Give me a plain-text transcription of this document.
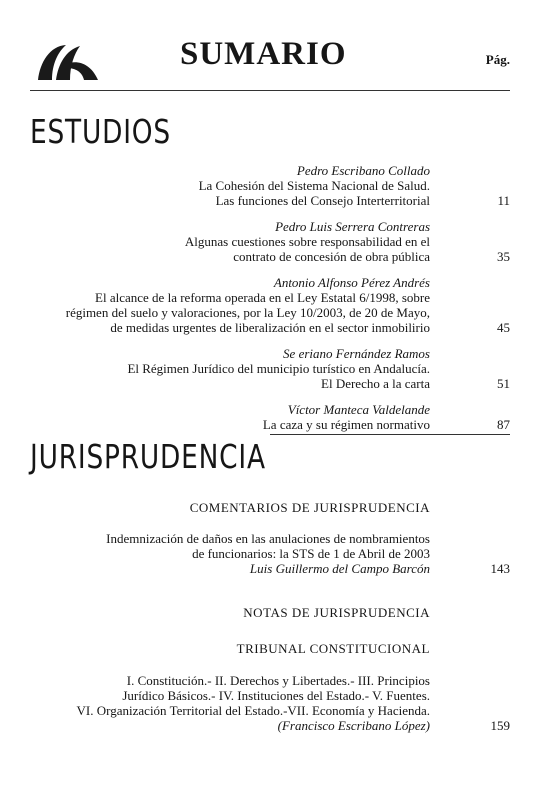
SUMARIO	Pág.
ESTUDIOS
Pedro Escribano Collado
La Cohesión del Sistema Nacional de Salud.
Las funciones del Consejo Interterritorial	11
Pedro Luis Serrera Contreras
Algunas cuestiones sobre responsabilidad en el
contrato de concesión de obra pública	35
Antonio Alfonso Pérez Andrés
El alcance de la reforma operada en el Ley Estatal 6/1998, sobre
régimen del suelo y valoraciones, por la Ley 10/2003, de 20 de Mayo,
de medidas urgentes de liberalización en el sector inmobilirio	45
Se eriano Fernández Ramos
El Régimen Jurídico del municipio turístico en Andalucía.
El Derecho a la carta	51
Víctor Manteca Valdelande
La caza y su régimen normativo	87
JURISPRUDENCIA
COMENTARIOS DE JURISPRUDENCIA
Indemnización de daños en las anulaciones de nombramientos
de funcionarios: la STS de 1 de Abril de 2003
Luis Guillermo del Campo Barcón	143
NOTAS DE JURISPRUDENCIA
TRIBUNAL CONSTITUCIONAL
I. Constitución.- II. Derechos y Libertades.- III. Principios
Jurídico Básicos.- IV. Instituciones del Estado.- V. Fuentes.
VI. Organización Territorial del Estado.-VII. Economía y Hacienda.
(Francisco Escribano López)	159
